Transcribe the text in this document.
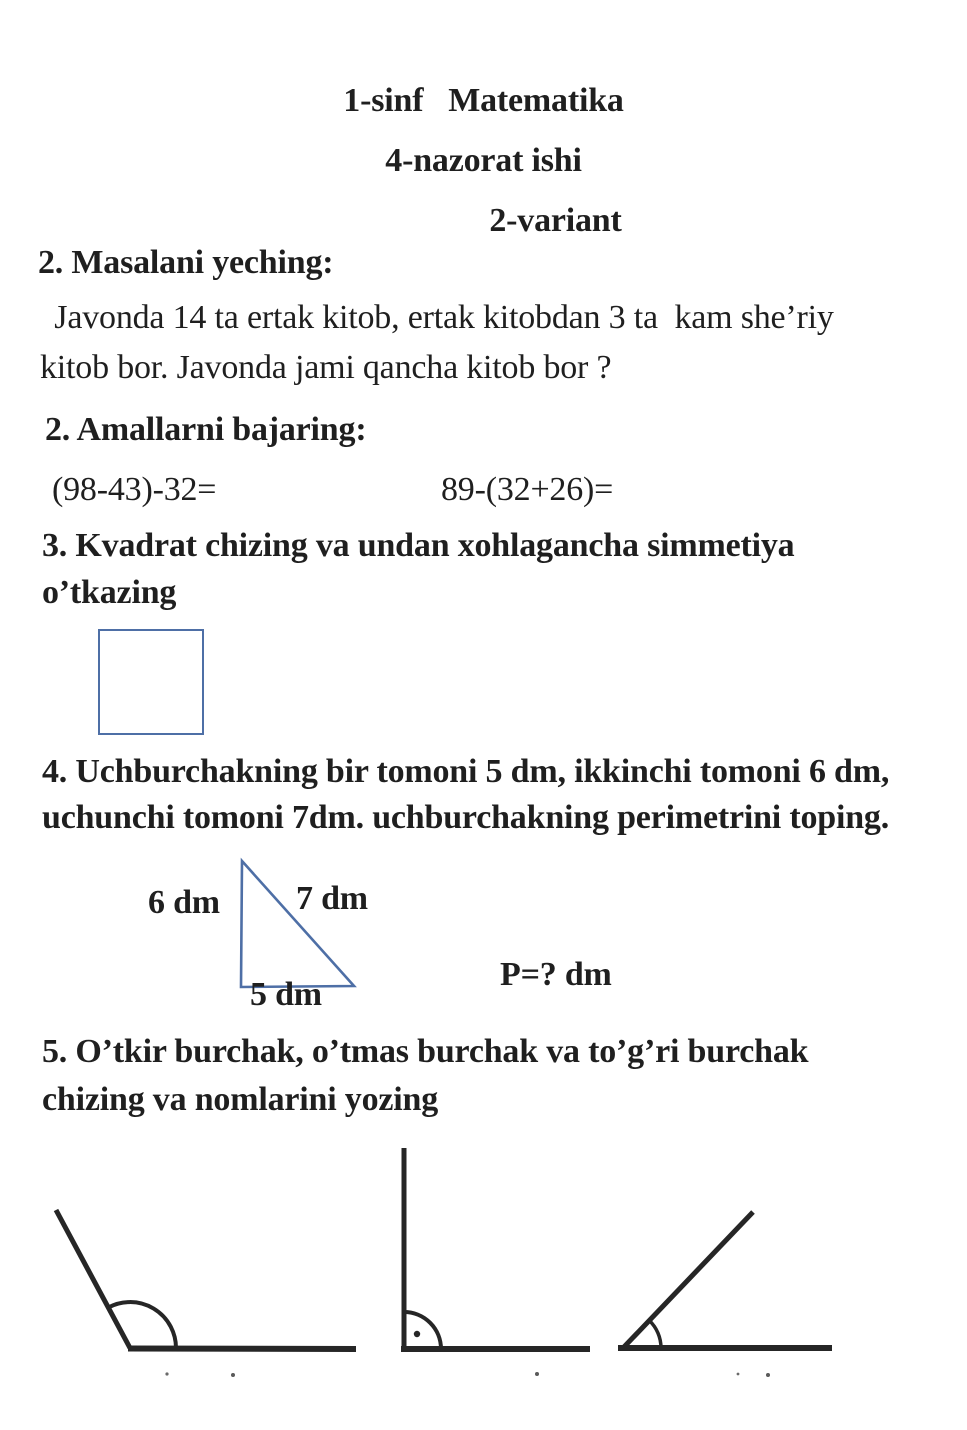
1-sinf   Matematika
4-nazorat ishi
2-variant
2. Masalani yeching:
Javonda 14 ta ertak kitob, ertak kitobdan 3 ta  kam she’riy
kitob bor. Javonda jami qancha kitob bor ?
2. Amallarni bajaring:
(98-43)-32=	89-(32+26)=
3. Kvadrat chizing va undan xohlagancha simmetiya
o’tkazing
4. Uchburchakning bir tomoni 5 dm, ikkinchi tomoni 6 dm,
uchunchi tomoni 7dm. uchburchakning perimetrini toping.
6 dm 7 dm
5 dm
P=? dm
5. O’tkir burchak, o’tmas burchak va to’g’ri burchak
chizing va nomlarini yozing
